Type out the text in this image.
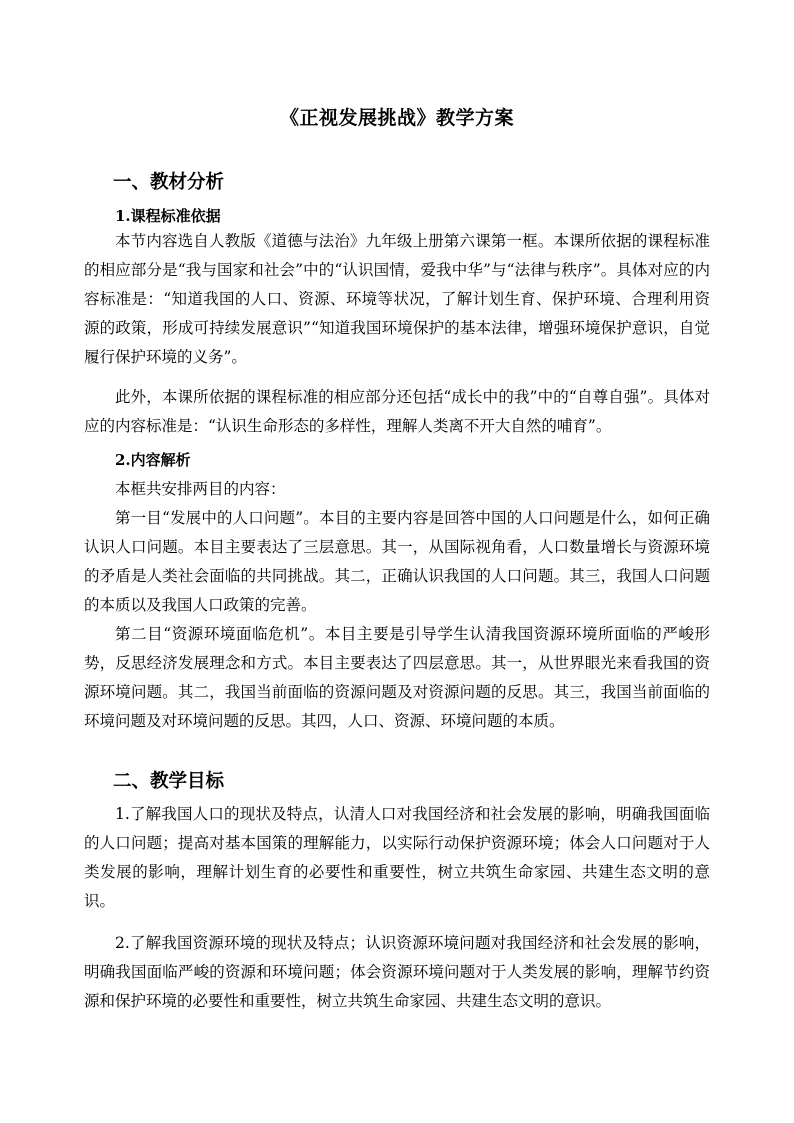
《正视发展挑战》教学方案
一、教材分析
1.课程标准依据

本节内容选自人教版《道德与法治》九年级上册第六课第一框。本课所依据的课程标准的相应部分是“我与国家和社会”中的“认识国情，爱我中华”与“法律与秩序”。具体对应的内容标准是：“知道我国的人口、资源、环境等状况，了解计划生育、保护环境、合理利用资源的政策，形成可持续发展意识”“知道我国环境保护的基本法律，增强环境保护意识，自觉履行保护环境的义务”。

此外，本课所依据的课程标准的相应部分还包括“成长中的我”中的“自尊自强”。具体对应的内容标准是：“认识生命形态的多样性，理解人类离不开大自然的哺育”。

2.内容解析

本框共安排两目的内容：

第一目“发展中的人口问题”。本目的主要内容是回答中国的人口问题是什么，如何正确认识人口问题。本目主要表达了三层意思。其一，从国际视角看，人口数量增长与资源环境的矛盾是人类社会面临的共同挑战。其二，正确认识我国的人口问题。其三，我国人口问题的本质以及我国人口政策的完善。

第二目“资源环境面临危机”。本目主要是引导学生认清我国资源环境所面临的严峻形势，反思经济发展理念和方式。本目主要表达了四层意思。其一，从世界眼光来看我国的资源环境问题。其二，我国当前面临的资源问题及对资源问题的反思。其三，我国当前面临的环境问题及对环境问题的反思。其四，人口、资源、环境问题的本质。

二、教学目标

1.了解我国人口的现状及特点，认清人口对我国经济和社会发展的影响，明确我国面临的人口问题；提高对基本国策的理解能力，以实际行动保护资源环境；体会人口问题对于人类发展的影响，理解计划生育的必要性和重要性，树立共筑生命家园、共建生态文明的意识。

2.了解我国资源环境的现状及特点；认识资源环境问题对我国经济和社会发展的影响，明确我国面临严峻的资源和环境问题；体会资源环境问题对于人类发展的影响，理解节约资源和保护环境的必要性和重要性，树立共筑生命家园、共建生态文明的意识。
